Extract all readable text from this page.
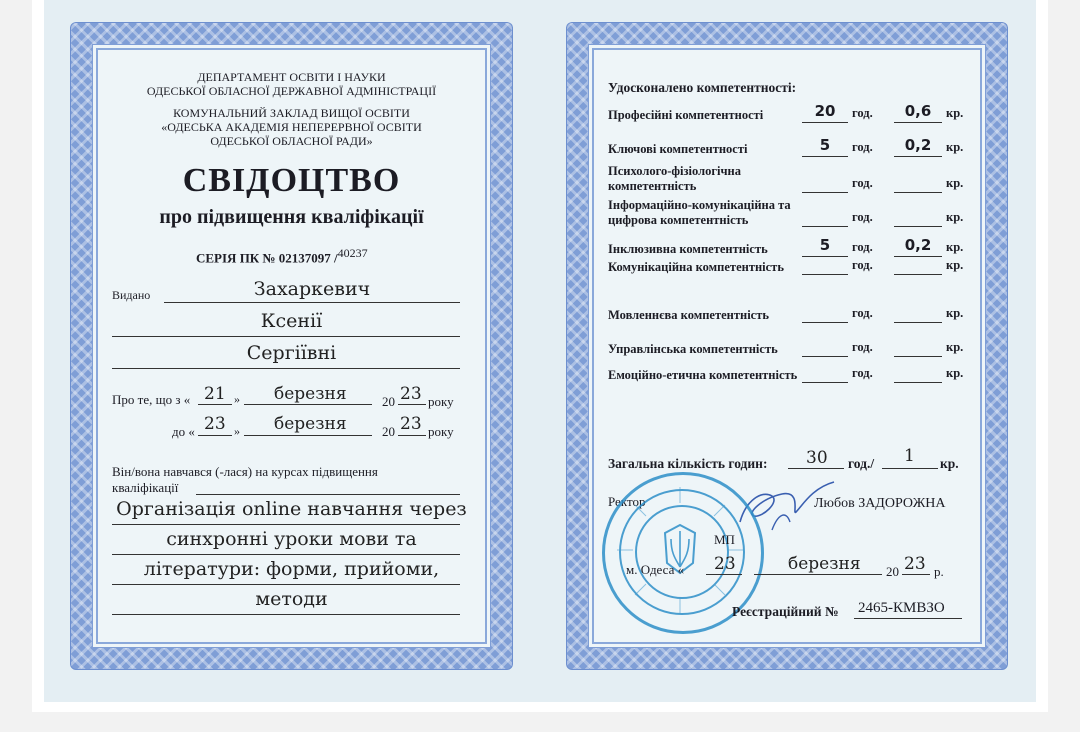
ДЕПАРТАМЕНТ ОСВІТИ І НАУКИ
ОДЕСЬКОЇ ОБЛАСНОЇ ДЕРЖАВНОЇ АДМІНІСТРАЦІЇ
КОМУНАЛЬНИЙ ЗАКЛАД ВИЩОЇ ОСВІТИ
«ОДЕСЬКА АКАДЕМІЯ НЕПЕРЕРВНОЇ ОСВІТИ
ОДЕСЬКОЇ ОБЛАСНОЇ РАДИ»
СВІДОЦТВО
про підвищення кваліфікації
СЕРІЯ ПК № 02137097 /$^{40237}$
Видано	Захаркевич
Ксенії
Сергіївні
Про те, що з « 21 » березня	20 23 року
до « 23 » березня	20 23 року
Він/вона навчався (-лася) на курсах підвищення
кваліфікації
Організація online навчання через
синхронні уроки мови та
літератури: форми, прийоми,
методи
Удосконалено компетентності:
Професійні компетентності	20	год.	0,6	кр.
Ключові компетентності	5	год.	0,2	кр.
Психолого-фізіологічна компетентність	год.	кр.
Інформаційно-комунікаційна та цифрова компетентність	год.	кр.
Інклюзивна компетентність	5	год.	0,2	кр.
Комунікаційна компетентність	год.	кр.
Мовленнєва компетентність	год.	кр.
Управлінська компетентність	год.	кр.
Емоційно-етична компетентність	год.	кр.
Загальна кількість годин: 30 год./ 1 кр.
Ректор	Любов ЗАДОРОЖНА
МП
м. Одеса « 23	березня 20 23 р.
Реєстраційний № 2465-КМВЗО
